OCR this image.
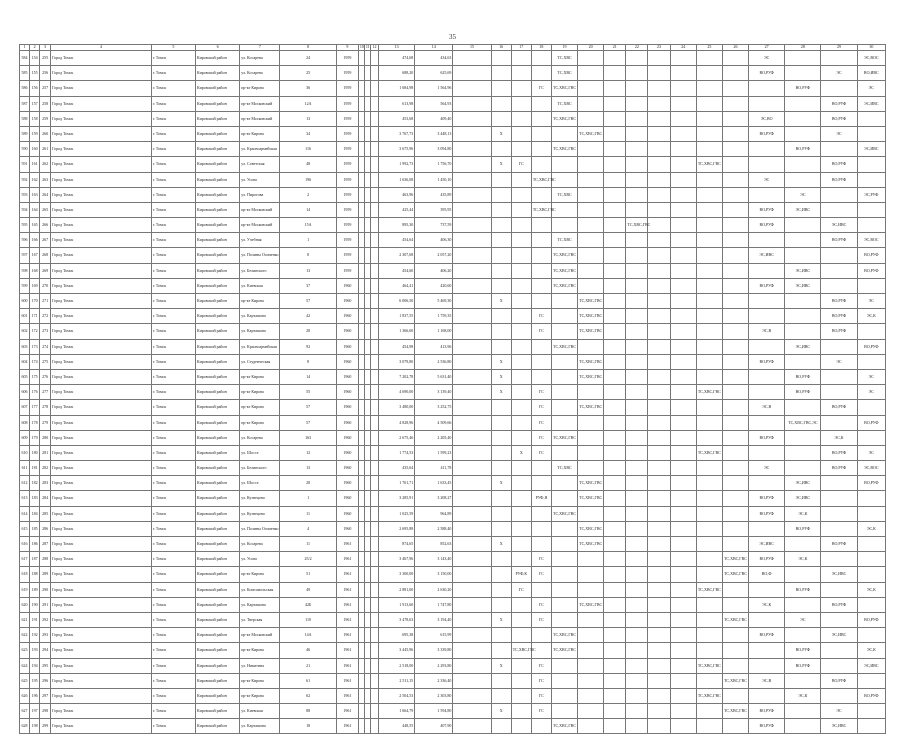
35
1	2	3	4	5	6	7	8	9	10	11	12	13	14	15	16	17	18	19	20	21	22	23	24	25	26	27	28	29	30
584	154	255	Город Томск	г. Томск	Кировский район	ул. Косарева	24	1959				474,68	434,63					ТС,ХВС								ЭС			ЭС,ВОС
585	155	256	Город Томск	г. Томск	Кировский район	ул. Косарева	25	1959				688,20	625,69					ТС,ХВС								ВО,РУФ		ЭС	ВО,ИВС
586	156	257	Город Томск	г. Томск	Кировский район	пр-кт Кирова	36	1959				1 684,98	1 564,96				ГС	ТС,ХВС,ГВС									ВО,РУФ		ЭС
587	157	258	Город Томск	г. Томск	Кировский район	пр-кт Московский	12А	1959				613,98	564,93					ТС,ХВС										ВО,РУФ	ЭС,ИВС
588	158	259	Город Томск	г. Томск	Кировский район	пр-кт Московский	13	1959				453,68	409,40					ТС,ХВС,ГВС								ЭС,ВО		ВО,РУФ	
589	159	260	Город Томск	г. Томск	Кировский район	пр-кт Кирова	34	1959				3 767,73	3 448,13		Х				ТС,ХВС,ГВС							ВО,РУФ		ЭС	
590	160	261	Город Томск	г. Томск	Кировский район	ул. Красноармейская	116	1959				3 675,96	3 094,80					ТС,ХВС,ГВС									ВО,РУФ		ЭС,ИВС
591	161	262	Город Томск	г. Томск	Кировский район	ул. Советская	48	1959				1 992,73	1 756,70		Х	ГС								ТС,ХВС,ГВС				ВО,РУФ	
592	162	263	Город Томск	г. Томск	Кировский район	ул. Усова	196	1959				1 636,08	1 450,10				ТС,ХВС,ГВС									ЭС		ВО,РУФ	
593	163	264	Город Томск	г. Томск	Кировский район	ул. Пирогова	2	1959				463,96	435,89					ТС,ХВС									ЭС		ЭС,РУФ
594	164	265	Город Томск	г. Томск	Кировский район	пр-кт Московский	14	1959				425,44	395,95				ТС,ХВС,ГВС									ВО,РУФ	ЭС,ИВС		
595	165	266	Город Томск	г. Томск	Кировский район	пр-кт Московский	15А	1959				895,30	737,59								ТС,ХВС,ГВС					ВО,РУФ		ЭС,ИВС	
596	166	267	Город Томск	г. Томск	Кировский район	ул. Учебная	1	1959				454,64	406,30					ТС,ХВС										ВО,РУФ	ЭС,ВОС
597	167	268	Город Томск	г. Томск	Кировский район	ул. Полины Осипенко	8	1959				2 307,68	2 057,20					ТС,ХВС,ГВС								ЭС,ИВС			ВО,РУФ
598	168	269	Город Томск	г. Томск	Кировский район	ул. Белинского	13	1959				454,60	406,20					ТС,ХВС,ГВС									ЭС,ИВС		ВО,РУФ
599	169	270	Город Томск	г. Томск	Кировский район	ул. Киевская	37	1960				464,41	420,60					ТС,ХВС,ГВС								ВО,РУФ	ЭС,ИВС		
600	170	271	Город Томск	г. Томск	Кировский район	пр-кт Кирова	57	1960				6 006,50	5 469,30		Х				ТС,ХВС,ГВС									ВО,РУФ	ЭС
601	171	272	Город Томск	г. Томск	Кировский район	ул. Карташова	42	1960				1 837,55	1 759,35				ГС		ТС,ХВС,ГВС									ВО,РУФ	ЭС,К
602	172	273	Город Томск	г. Томск	Кировский район	ул. Карташова	28	1960				1 366,60	1 168,00				ГС		ТС,ХВС,ГВС							ЭС,В		ВО,РУФ	
603	173	274	Город Томск	г. Томск	Кировский район	ул. Красноармейская	92	1960				454,98	413,96					ТС,ХВС,ГВС									ЭС,ИВС		ВО,РУФ
604	174	275	Город Томск	г. Томск	Кировский район	ул. Студенческая	8	1960				3 079,80	2 536,80		Х				ТС,ХВС,ГВС							ВО,РУФ		ЭС	
605	175	276	Город Томск	г. Томск	Кировский район	пр-кт Кирова	14	1960				7 202,78	5 631,40		Х				ТС,ХВС,ГВС								ВО,РУФ		ЭС
606	176	277	Город Томск	г. Томск	Кировский район	пр-кт Кирова	55	1960				4 690,00	3 139,40		Х		ГС							ТС,ХВС,ГВС			ВО,РУФ		ЭС
607	177	278	Город Томск	г. Томск	Кировский район	пр-кт Кирова	57	1960				3 480,00	3 252,75				ГС		ТС,ХВС,ГВС							ЭС,В		ВО,РУФ	
608	178	279	Город Томск	г. Томск	Кировский район	пр-кт Кирова	57	1960				4 828,96	4 509,66				ГС										ТС,ХВС,ГВС,ЭС		ВО,РУФ
609	179	280	Город Томск	г. Томск	Кировский район	ул. Косарева	163	1960				2 675,46	2 205,40				ГС	ТС,ХВС,ГВС								ВО,РУФ		ЭС,К	
610	180	281	Город Томск	г. Томск	Кировский район	ул. Шоссе	12	1960				1 774,53	1 599,23			Х	ГС							ТС,ХВС,ГВС				ВО,РУФ	ЭС
611	181	282	Город Томск	г. Томск	Кировский район	ул. Белинского	13	1960				435,64	411,78					ТС,ХВС								ЭС		ВО,РУФ	ЭС,ВОС
612	182	283	Город Томск	г. Томск	Кировский район	ул. Шоссе	28	1960				1 761,71	1 633,45		Х				ТС,ХВС,ГВС								ЭС,ИВС		ВО,РУФ
613	183	284	Город Томск	г. Томск	Кировский район	ул. Кузнецова	1	1960				3 285,91	3 208,27				РУФ,Я		ТС,ХВС,ГВС							ВО,РУФ	ЭС,ИВС		
614	184	285	Город Томск	г. Томск	Кировский район	ул. Кузнецова	11	1960				1 025,59	964,89					ТС,ХВС,ГВС								ВО,РУФ	ЭС,К		
615	185	286	Город Томск	г. Томск	Кировский район	ул. Полины Осипенко	4	1960				2 695,88	2 588,40						ТС,ХВС,ГВС								ВО,РУФ		ЭС,К
616	186	287	Город Томск	г. Томск	Кировский район	ул. Косарева	11	1961				874,65	852,63		Х				ТС,ХВС,ГВС							ЭС,ИВС		ВО,РУФ	
617	187	288	Город Томск	г. Томск	Кировский район	ул. Усова	25/2	1961				3 467,96	3 143,40				ГС								ТС,ХВС,ГВС	ВО,РУФ	ЭС,К		
618	188	289	Город Томск	г. Томск	Кировский район	пр-кт Кирова	51	1961				3 300,00	3 150,00			РУФ,К	ГС								ТС,ХВС,ГВС	ВО,Ф		ЭС,ИВС	
619	189	290	Город Томск	г. Томск	Кировский район	ул. Комсомольская	49	1961				2 881,00	2 630,20			ГС								ТС,ХВС,ГВС			ВО,РУФ		ЭС,К
620	190	291	Город Томск	г. Томск	Кировский район	ул. Карташова	42Б	1961				1 913,60	1 747,80				ГС		ТС,ХВС,ГВС							ЭС,К		ВО,РУФ	
621	191	292	Город Томск	г. Томск	Кировский район	ул. Тверская	110	1961				3 478,63	3 194,40		Х		ГС								ТС,ХВС,ГВС		ЭС		ВО,РУФ
622	192	293	Город Томск	г. Томск	Кировский район	пр-кт Московский	14А	1961				695,38	615,99					ТС,ХВС,ГВС								ВО,РУФ		ЭС,ИВС	
623	193	294	Город Томск	г. Томск	Кировский район	пр-кт Кирова	46	1961				3 445,96	3 339,80			ТС,ХВС,ГВС		ТС,ХВС,ГВС									ВО,РУФ		ЭС,К
624	194	295	Город Томск	г. Томск	Кировский район	ул. Никитина	21	1961				2 518,00	2 293,80		Х		ГС							ТС,ХВС,ГВС			ВО,РУФ		ЭС,ИВС
625	195	296	Город Томск	г. Томск	Кировский район	пр-кт Кирова	61	1961				2 511,15	2 336,40				ГС								ТС,ХВС,ГВС	ЭС,В		ВО,РУФ	
626	196	297	Город Томск	г. Томск	Кировский район	пр-кт Кирова	62	1961				2 504,53	2 303,80				ГС							ТС,ХВС,ГВС			ЭС,К		ВО,РУФ
627	197	298	Город Томск	г. Томск	Кировский район	ул. Киевская	88	1961				1 664,79	1 594,80		Х		ГС								ТС,ХВС,ГВС	ВО,РУФ		ЭС	
628	198	299	Город Томск	г. Томск	Кировский район	ул. Карташова	18	1961				448,55	407,90					ТС,ХВС,ГВС								ВО,РУФ		ЭС,ИВС	
